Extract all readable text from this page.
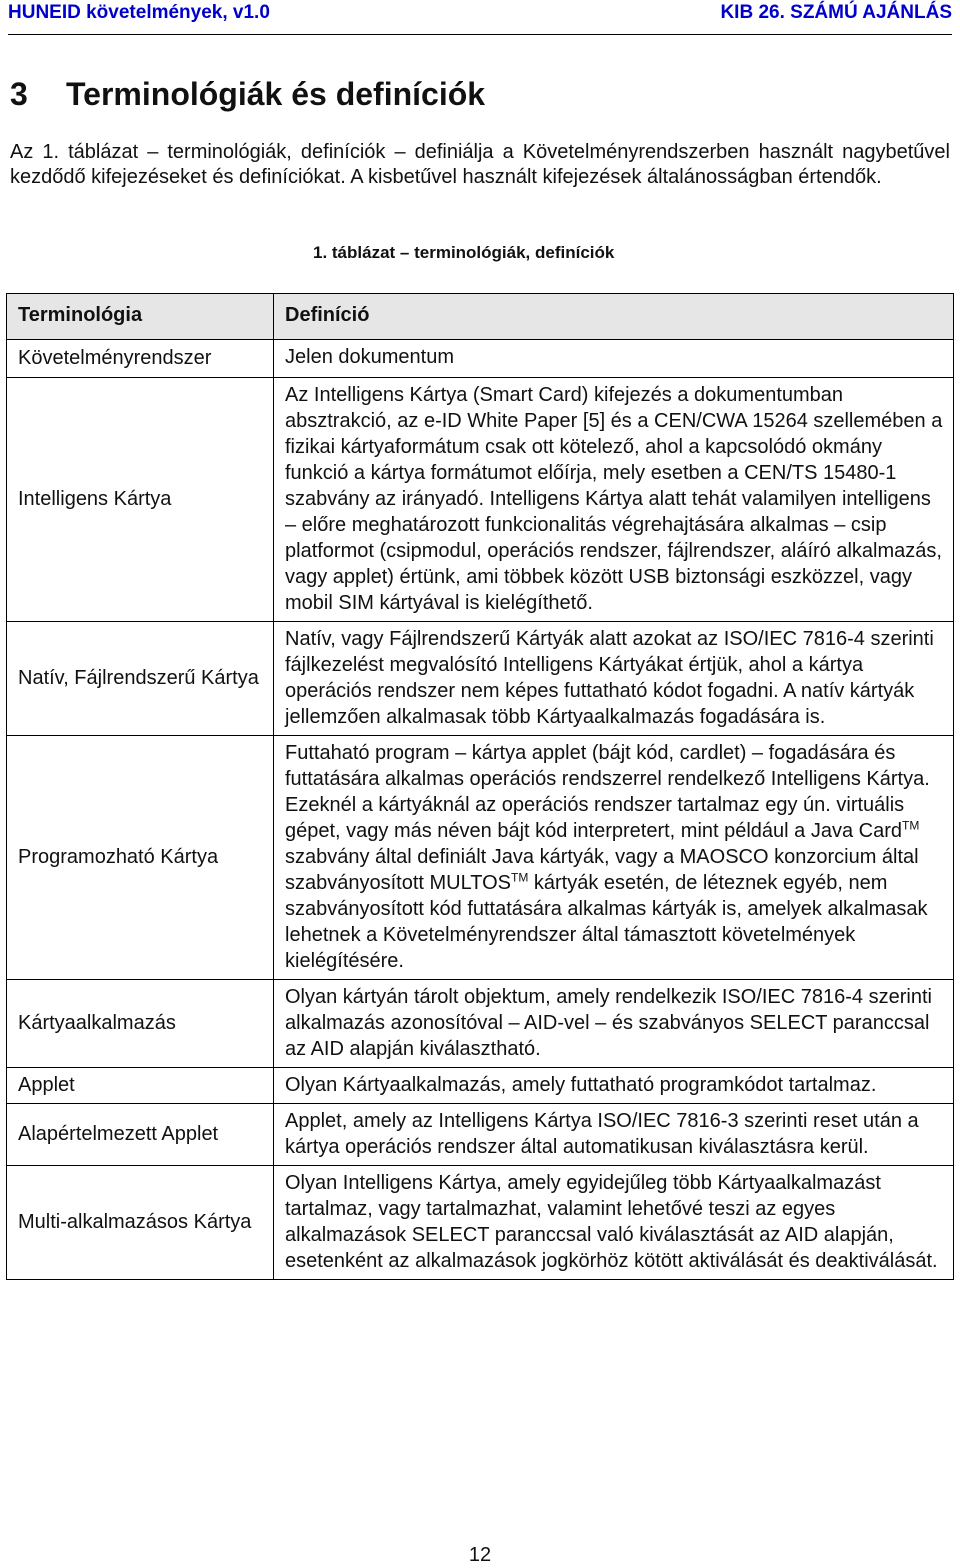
HUNEID követelmények, v1.0	KIB 26. SZÁMÚ AJÁNLÁS
3 Terminológiák és definíciók

Az 1. táblázat – terminológiák, definíciók – definiálja a Követelményrendszerben használt nagybetűvel kezdődő kifejezéseket és definíciókat. A kisbetűvel használt kifejezések általánosságban értendők.

1. táblázat – terminológiák, definíciók

Terminológia	Definíció
Követelményrendszer	Jelen dokumentum
Intelligens Kártya	Az Intelligens Kártya (Smart Card) kifejezés a dokumentumban absztrakció, az e-ID White Paper [5] és a CEN/CWA 15264 szellemében a fizikai kártyaformátum csak ott kötelező, ahol a kapcsolódó okmány funkció a kártya formátumot előírja, mely esetben a CEN/TS 15480-1 szabvány az irányadó. Intelligens Kártya alatt tehát valamilyen intelligens – előre meghatározott funkcionalitás végrehajtására alkalmas – csip platformot (csipmodul, operációs rendszer, fájlrendszer, aláíró alkalmazás, vagy applet) értünk, ami többek között USB biztonsági eszközzel, vagy mobil SIM kártyával is kielégíthető.
Natív, Fájlrendszerű Kártya	Natív, vagy Fájlrendszerű Kártyák alatt azokat az ISO/IEC 7816-4 szerinti fájlkezelést megvalósító Intelligens Kártyákat értjük, ahol a kártya operációs rendszer nem képes futtatható kódot fogadni. A natív kártyák jellemzően alkalmasak több Kártyaalkalmazás fogadására is.
Programozható Kártya	Futtaható program – kártya applet (bájt kód, cardlet) – fogadására és futtatására alkalmas operációs rendszerrel rendelkező Intelligens Kártya. Ezeknél a kártyáknál az operációs rendszer tartalmaz egy ún. virtuális gépet, vagy más néven bájt kód interpretert, mint például a Java Card™ szabvány által definiált Java kártyák, vagy a MAOSCO konzorcium által szabványosított MULTOS™ kártyák esetén, de léteznek egyéb, nem szabványosított kód futtatására alkalmas kártyák is, amelyek alkalmasak lehetnek a Követelményrendszer által támasztott követelmények kielégítésére.
Kártyaalkalmazás	Olyan kártyán tárolt objektum, amely rendelkezik ISO/IEC 7816-4 szerinti alkalmazás azonosítóval – AID-vel – és szabványos SELECT paranccsal az AID alapján kiválasztható.
Applet	Olyan Kártyaalkalmazás, amely futtatható programkódot tartalmaz.
Alapértelmezett Applet	Applet, amely az Intelligens Kártya ISO/IEC 7816-3 szerinti reset után a kártya operációs rendszer által automatikusan kiválasztásra kerül.
Multi-alkalmazásos Kártya	Olyan Intelligens Kártya, amely egyidejűleg több Kártyaalkalmazást tartalmaz, vagy tartalmazhat, valamint lehetővé teszi az egyes alkalmazások SELECT paranccsal való kiválasztását az AID alapján, esetenként az alkalmazások jogkörhöz kötött aktiválását és deaktiválását.
12
